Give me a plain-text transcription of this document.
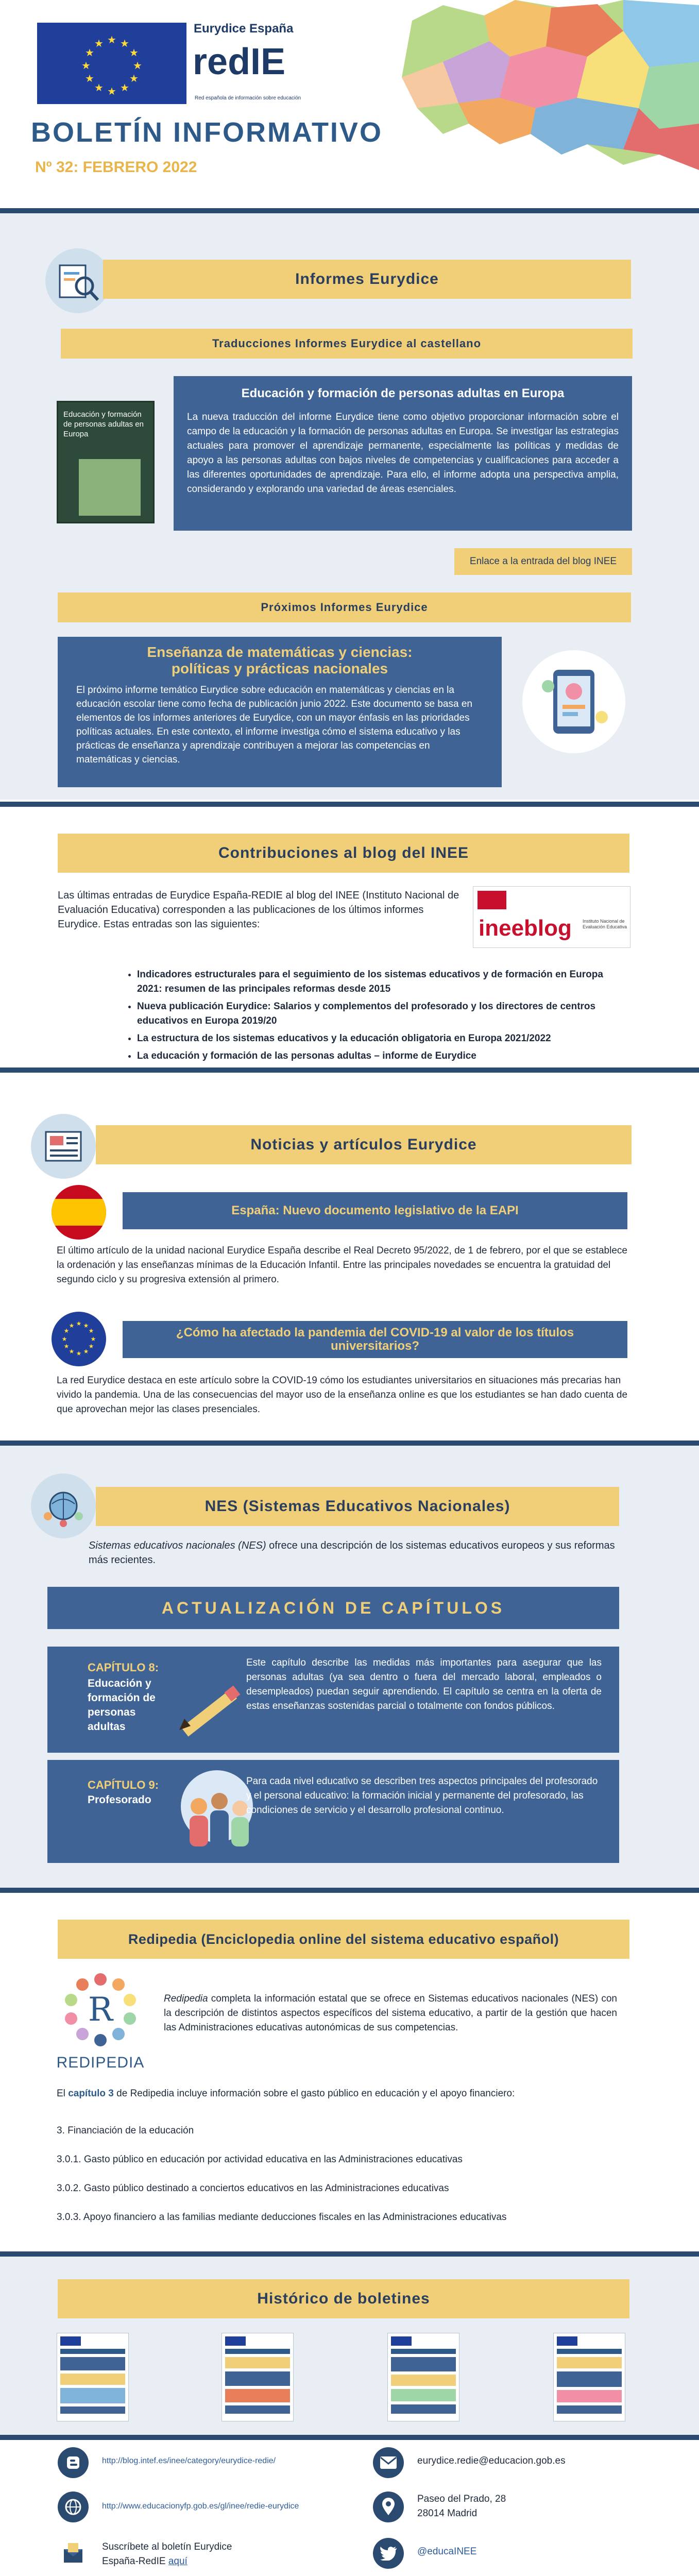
★ ★
★
★
★
★
★
★
★
★
★
★
Eurydice España
redIE
Red española de información sobre educación
BOLETÍN INFORMATIVO
Nº 32: FEBRERO 2022
Informes Eurydice
Traducciones Informes Eurydice al castellano
Educación y formación de personas adultas en Europa
Educación y formación de personas adultas en Europa
La nueva traducción del informe Eurydice tiene como objetivo proporcionar información sobre el campo de la educación y la formación de personas adultas en Europa. Se investigar las estrategias actuales para promover el aprendizaje permanente, especialmente las políticas y medidas de apoyo a las personas adultas con bajos niveles de competencias y cualificaciones para acceder a las diferentes oportunidades de aprendizaje. Para ello, el informe adopta una perspectiva amplia, considerando y explorando una variedad de áreas esenciales.
Enlace a la entrada del blog INEE
Próximos Informes Eurydice
Enseñanza de matemáticas y ciencias:
políticas y prácticas nacionales
El próximo informe temático Eurydice sobre educación en matemáticas y ciencias en la educación escolar tiene como fecha de publicación junio 2022. Este documento se basa en elementos de los informes anteriores de Eurydice, con un mayor énfasis en las prioridades políticas actuales. En este contexto, el informe investiga cómo el sistema educativo y las prácticas de enseñanza y aprendizaje contribuyen a mejorar las competencias en matemáticas y ciencias.
Contribuciones al blog del INEE
Las últimas entradas de Eurydice España-REDIE al blog del INEE (Instituto Nacional de Evaluación Educativa) corresponden a las publicaciones de los últimos informes Eurydice. Estas entradas son las siguientes:	ineeblog Instituto Nacional de Evaluación Educativa
• Indicadores estructurales para el seguimiento de los sistemas educativos y de formación en Europa 2021: resumen de las principales reformas desde 2015
• Nueva publicación Eurydice: Salarios y complementos del profesorado y los directores de centros educativos en Europa 2019/20
• La estructura de los sistemas educativos y la educación obligatoria en Europa 2021/2022
• La educación y formación de las personas adultas – informe de Eurydice
Noticias y artículos Eurydice
España: Nuevo documento legislativo de la EAPI
El último artículo de la unidad nacional Eurydice España describe el Real Decreto 95/2022, de 1 de febrero, por el que se establece la ordenación y las enseñanzas mínimas de la Educación Infantil. Entre las principales novedades se encuentra la gratuidad del segundo ciclo y su progresiva extensión al primero.
★ ★
★
★
★
★
★
★
★
★
★
★	¿Cómo ha afectado la pandemia del COVID-19 al valor de los títulos
universitarios?
La red Eurydice destaca en este artículo sobre la COVID-19 cómo los estudiantes universitarios en situaciones más precarias han vivido la pandemia. Una de las consecuencias del mayor uso de la enseñanza online es que los estudiantes se han dado cuenta de que aprovechan mejor las clases presenciales.
NES (Sistemas Educativos Nacionales)
Sistemas educativos nacionales (NES) ofrece una descripción de los sistemas educativos europeos y sus reformas más recientes.
ACTUALIZACIÓN DE CAPÍTULOS
CAPÍTULO 8:
Educación y formación de personas adultas
Este capítulo describe las medidas más importantes para asegurar que las personas adultas (ya sea dentro o fuera del mercado laboral, empleados o desempleados) puedan seguir aprendiendo. El capítulo se centra en la oferta de estas enseñanzas sostenidas parcial o totalmente con fondos públicos.
CAPÍTULO 9:
Profesorado
Para cada nivel educativo se describen tres aspectos principales del profesorado y el personal educativo: la formación inicial y permanente del profesorado, las condiciones de servicio y el desarrollo profesional continuo.
Redipedia (Enciclopedia online del sistema educativo español)
R
REDIPEDIA
Redipedia completa la información estatal que se ofrece en Sistemas educativos nacionales (NES) con la descripción de distintos aspectos específicos del sistema educativo, a partir de la gestión que hacen las Administraciones educativas autonómicas de sus competencias.
El capítulo 3 de Redipedia incluye información sobre el gasto público en educación y el apoyo financiero:
3. Financiación de la educación
3.0.1. Gasto público en educación por actividad educativa en las Administraciones educativas
3.0.2. Gasto público destinado a conciertos educativos en las Administraciones educativas
3.0.3. Apoyo financiero a las familias mediante deducciones fiscales en las Administraciones educativas
Histórico de boletines
http://blog.intef.es/inee/category/eurydice-redie/
http://www.educacionyfp.gob.es/gl/inee/redie-eurydice
Suscríbete al boletín Eurydice España-RedIE aquí
eurydice.redie@educacion.gob.es
Paseo del Prado, 28
28014 Madrid
@educaINEE
